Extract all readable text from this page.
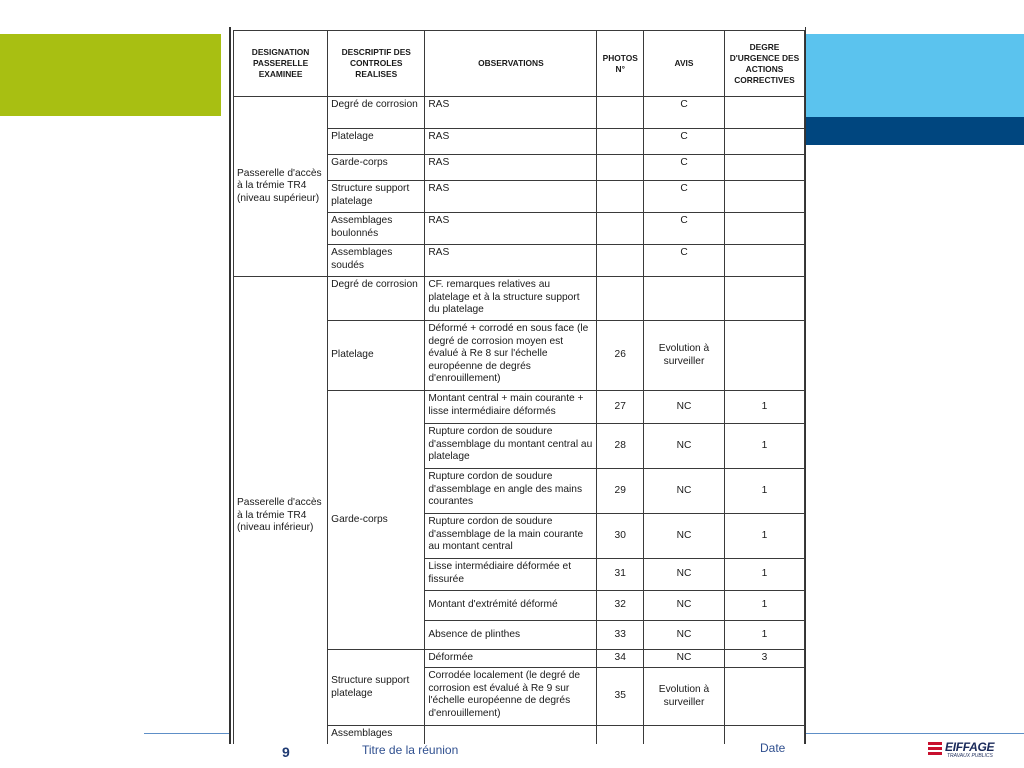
DESIGNATION PASSERELLE EXAMINEE	DESCRIPTIF DES CONTROLES REALISES	OBSERVATIONS	PHOTOS N°	AVIS	DEGRE D'URGENCE DES ACTIONS CORRECTIVES
Passerelle d'accès à la trémie TR4 (niveau supérieur)	Degré de corrosion	RAS		C	
	Platelage	RAS		C	
	Garde-corps	RAS		C	
	Structure support platelage	RAS		C	
	Assemblages boulonnés	RAS		C	
	Assemblages soudés	RAS		C	
Passerelle d'accès à la trémie TR4 (niveau inférieur)	Degré de corrosion	CF. remarques relatives au platelage et à la structure support du platelage			
	Platelage	Déformé + corrodé en sous face (le degré de corrosion moyen est évalué à Re 8 sur l'échelle européenne de degrés d'enrouillement)	26	Evolution à surveiller	
	Garde-corps	Montant central + main courante + lisse intermédiaire déformés	27	NC	1
		Rupture cordon de soudure d'assemblage du montant central au platelage	28	NC	1
		Rupture cordon de soudure d'assemblage en angle des mains courantes	29	NC	1
		Rupture cordon de soudure d'assemblage de la main courante au montant central	30	NC	1
		Lisse intermédiaire déformée et fissurée	31	NC	1
		Montant d'extrémité déformé	32	NC	1
		Absence de plinthes	33	NC	1
	Structure support platelage	Déformée	34	NC	3
		Corrodée localement (le degré de corrosion est évalué à Re 9 sur l'échelle européenne de degrés d'enrouillement)	35	Evolution à surveiller	
	Assemblages				
9	Titre de la réunion	Date	EIFFAGE
TRAVAUX PUBLICS
